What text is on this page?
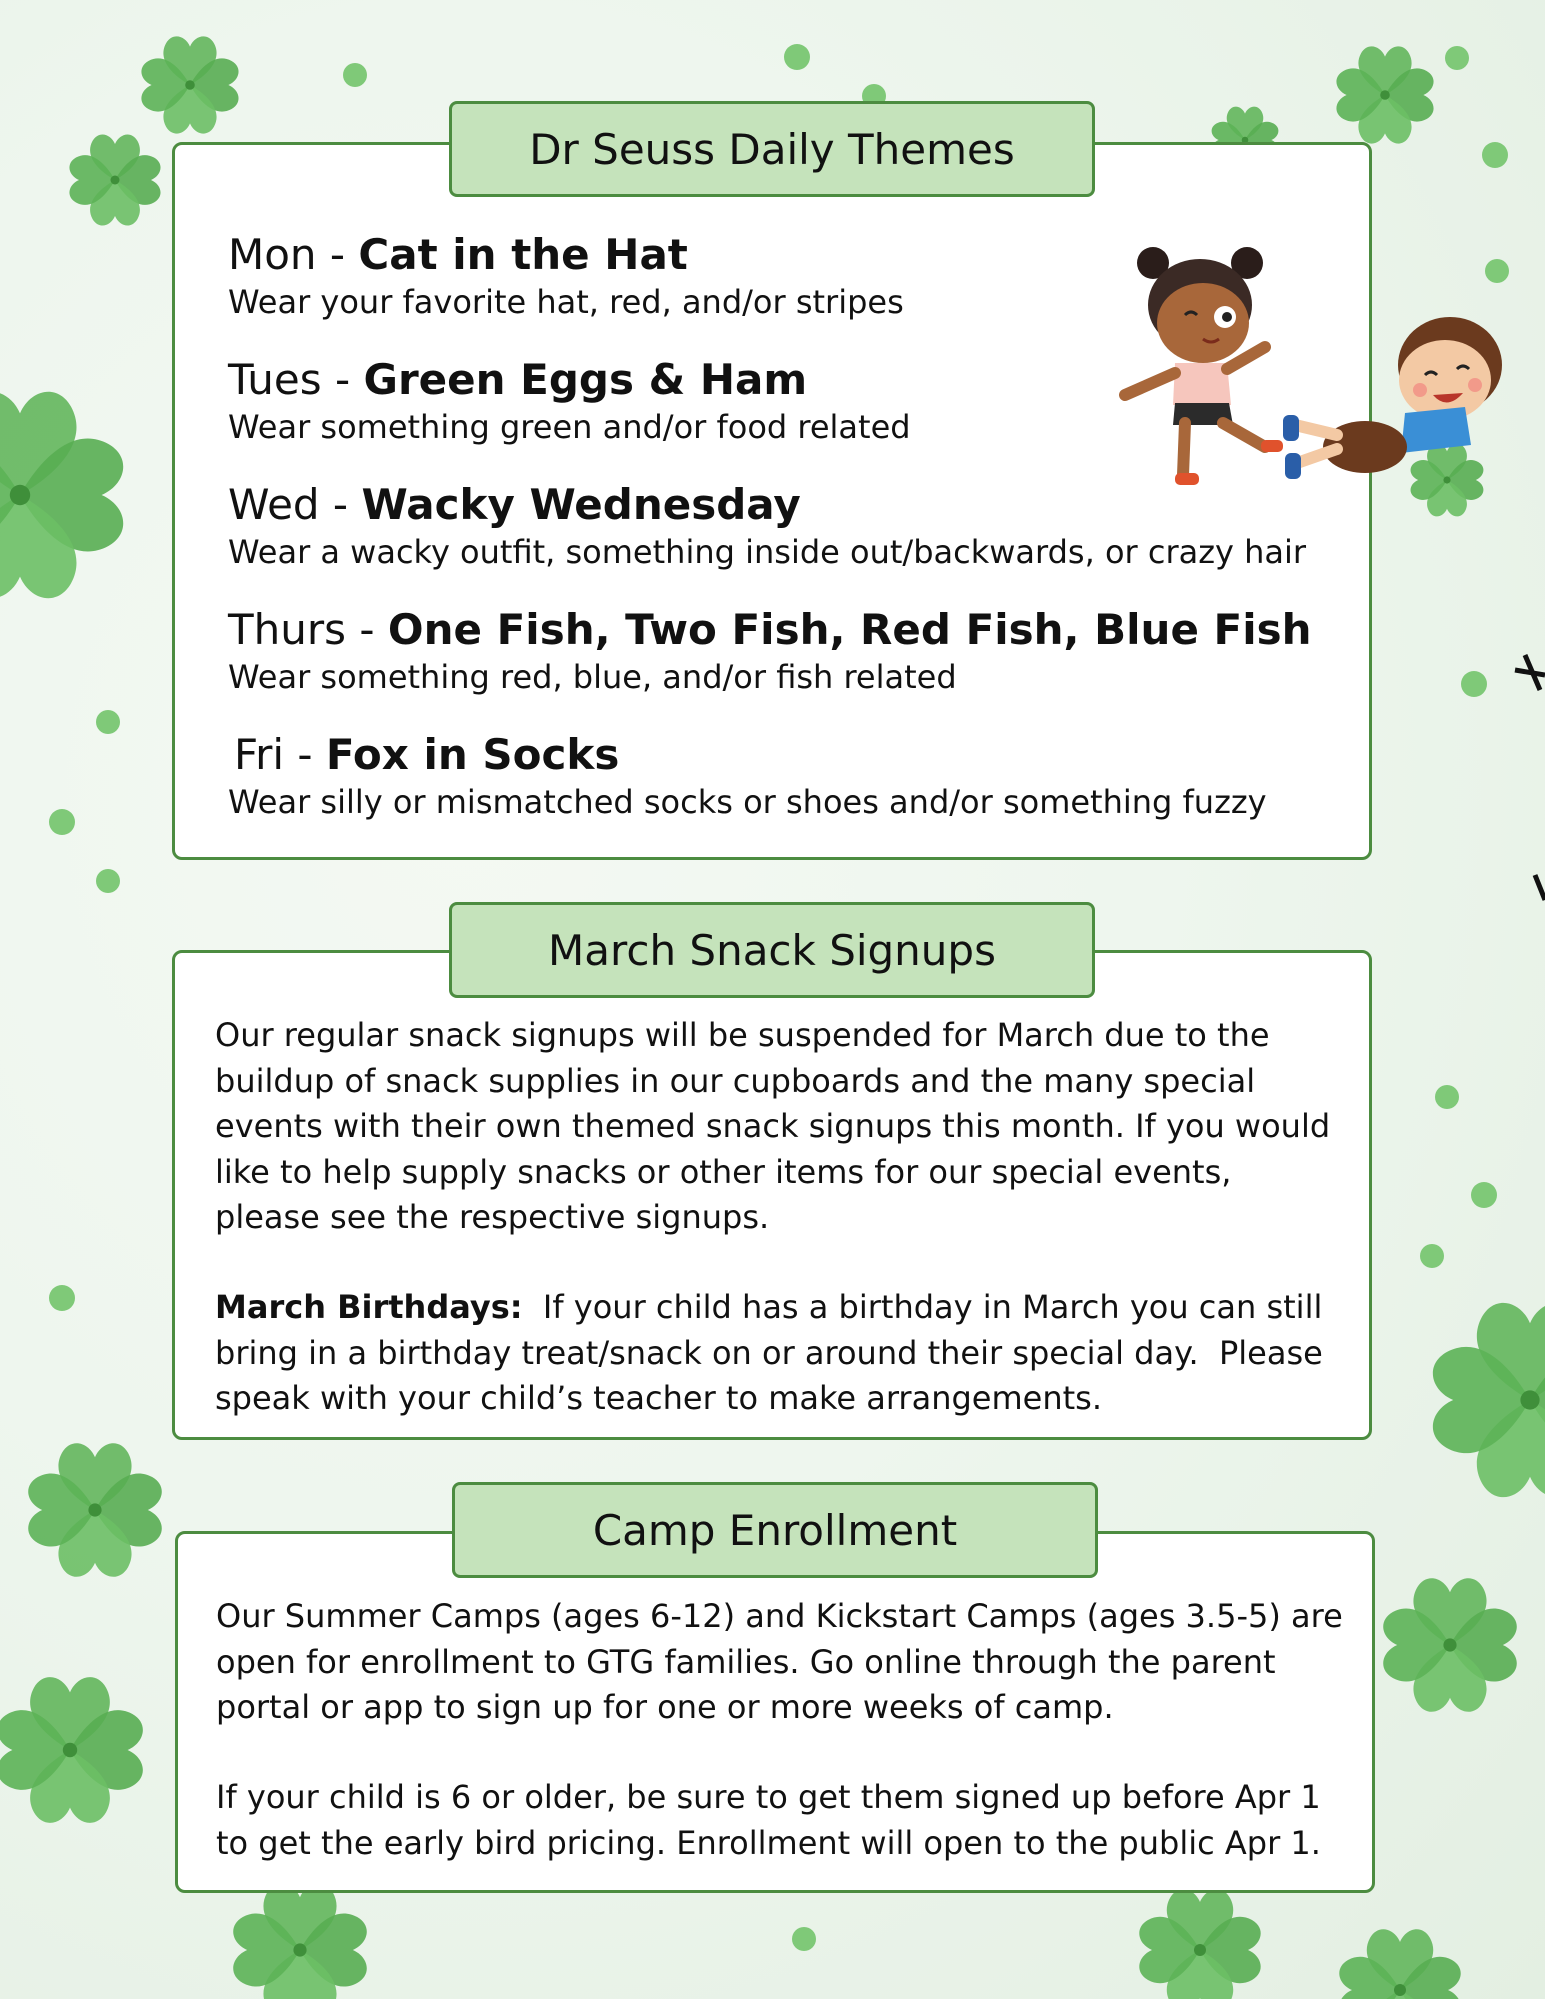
Mon - Cat in the Hat
Wear your favorite hat, red, and/or stripes
Tues - Green Eggs & Ham
Wear something green and/or food related
Wed - Wacky Wednesday
Wear a wacky outfit, something inside out/backwards, or crazy hair
Thurs - One Fish, Two Fish, Red Fish, Blue Fish
Wear something red, blue, and/or fish related
Fri - Fox in Socks
Wear silly or mismatched socks or shoes and/or something fuzzy
Dr Seuss Daily Themes
Our regular snack signups will be suspended for March due to the buildup of snack supplies in our cupboards and the many special events with their own themed snack signups this month. If you would like to help supply snacks or other items for our special events, please see the respective signups.
March Birthdays:  If your child has a birthday in March you can still bring in a birthday treat/snack on or around their special day.  Please speak with your child’s teacher to make arrangements.
March Snack Signups
Our Summer Camps (ages 6-12) and Kickstart Camps (ages 3.5-5) are open for enrollment to GTG families. Go online through the parent portal or app to sign up for one or more weeks of camp.
If your child is 6 or older, be sure to get them signed up before Apr 1 to get the early bird pricing. Enrollment will open to the public Apr 1.
Camp Enrollment
